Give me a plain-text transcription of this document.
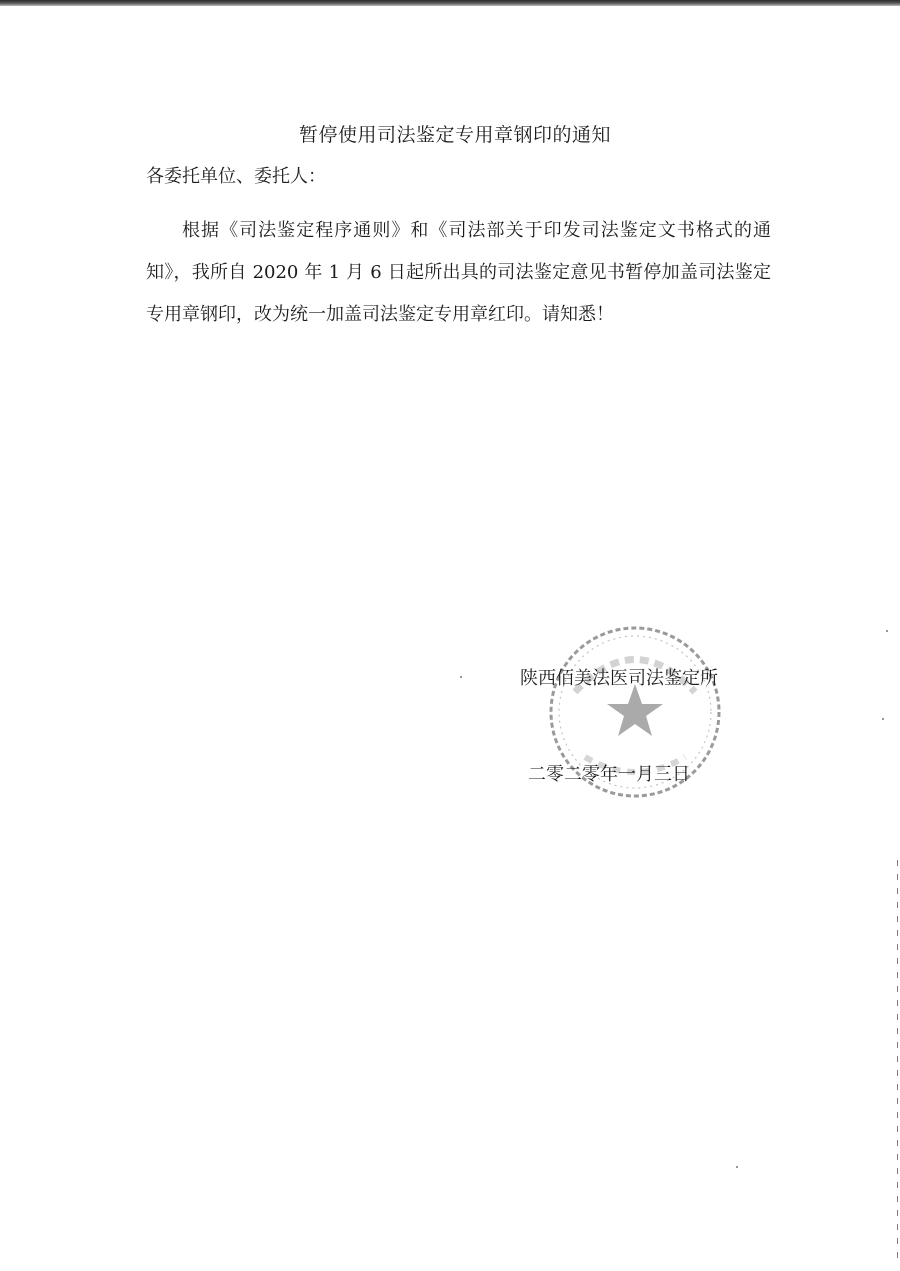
暂停使用司法鉴定专用章钢印的通知
各委托单位、委托人：

根据《司法鉴定程序通则》和《司法部关于印发司法鉴定文书格式的通知》，我所自 2020 年 1 月 6 日起所出具的司法鉴定意见书暂停加盖司法鉴定专用章钢印，改为统一加盖司法鉴定专用章红印。请知悉！

陕西佰美法医司法鉴定所
二零二零年一月三日
